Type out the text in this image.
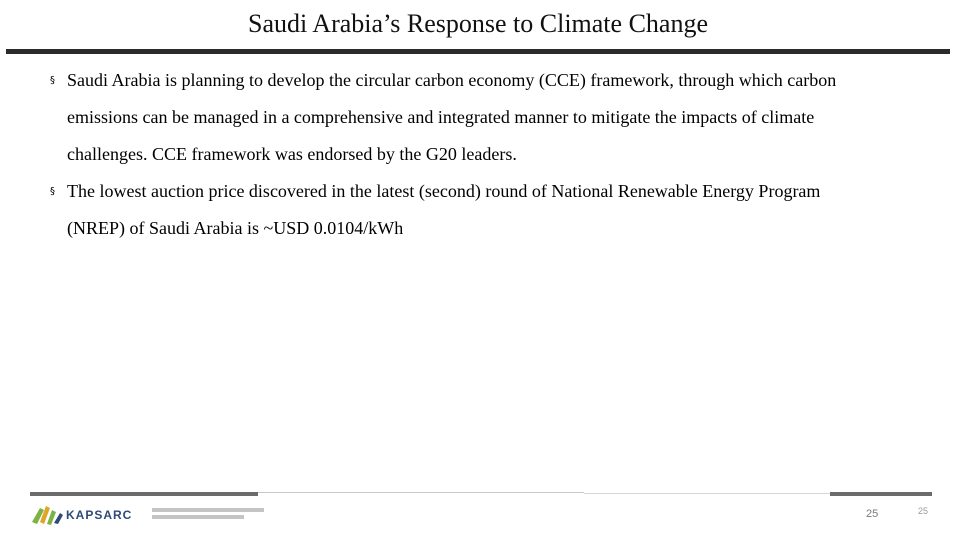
Saudi Arabia’s Response to Climate Change
§ Saudi Arabia is planning to develop the circular carbon economy (CCE) framework, through which carbon
emissions can be managed in a comprehensive and integrated manner to mitigate the impacts of climate
challenges. CCE framework was endorsed by the G20 leaders.
§ The lowest auction price discovered in the latest (second) round of National Renewable Energy Program
(NREP) of Saudi Arabia is ~USD 0.0104/kWh
KAPSARC	25	25
